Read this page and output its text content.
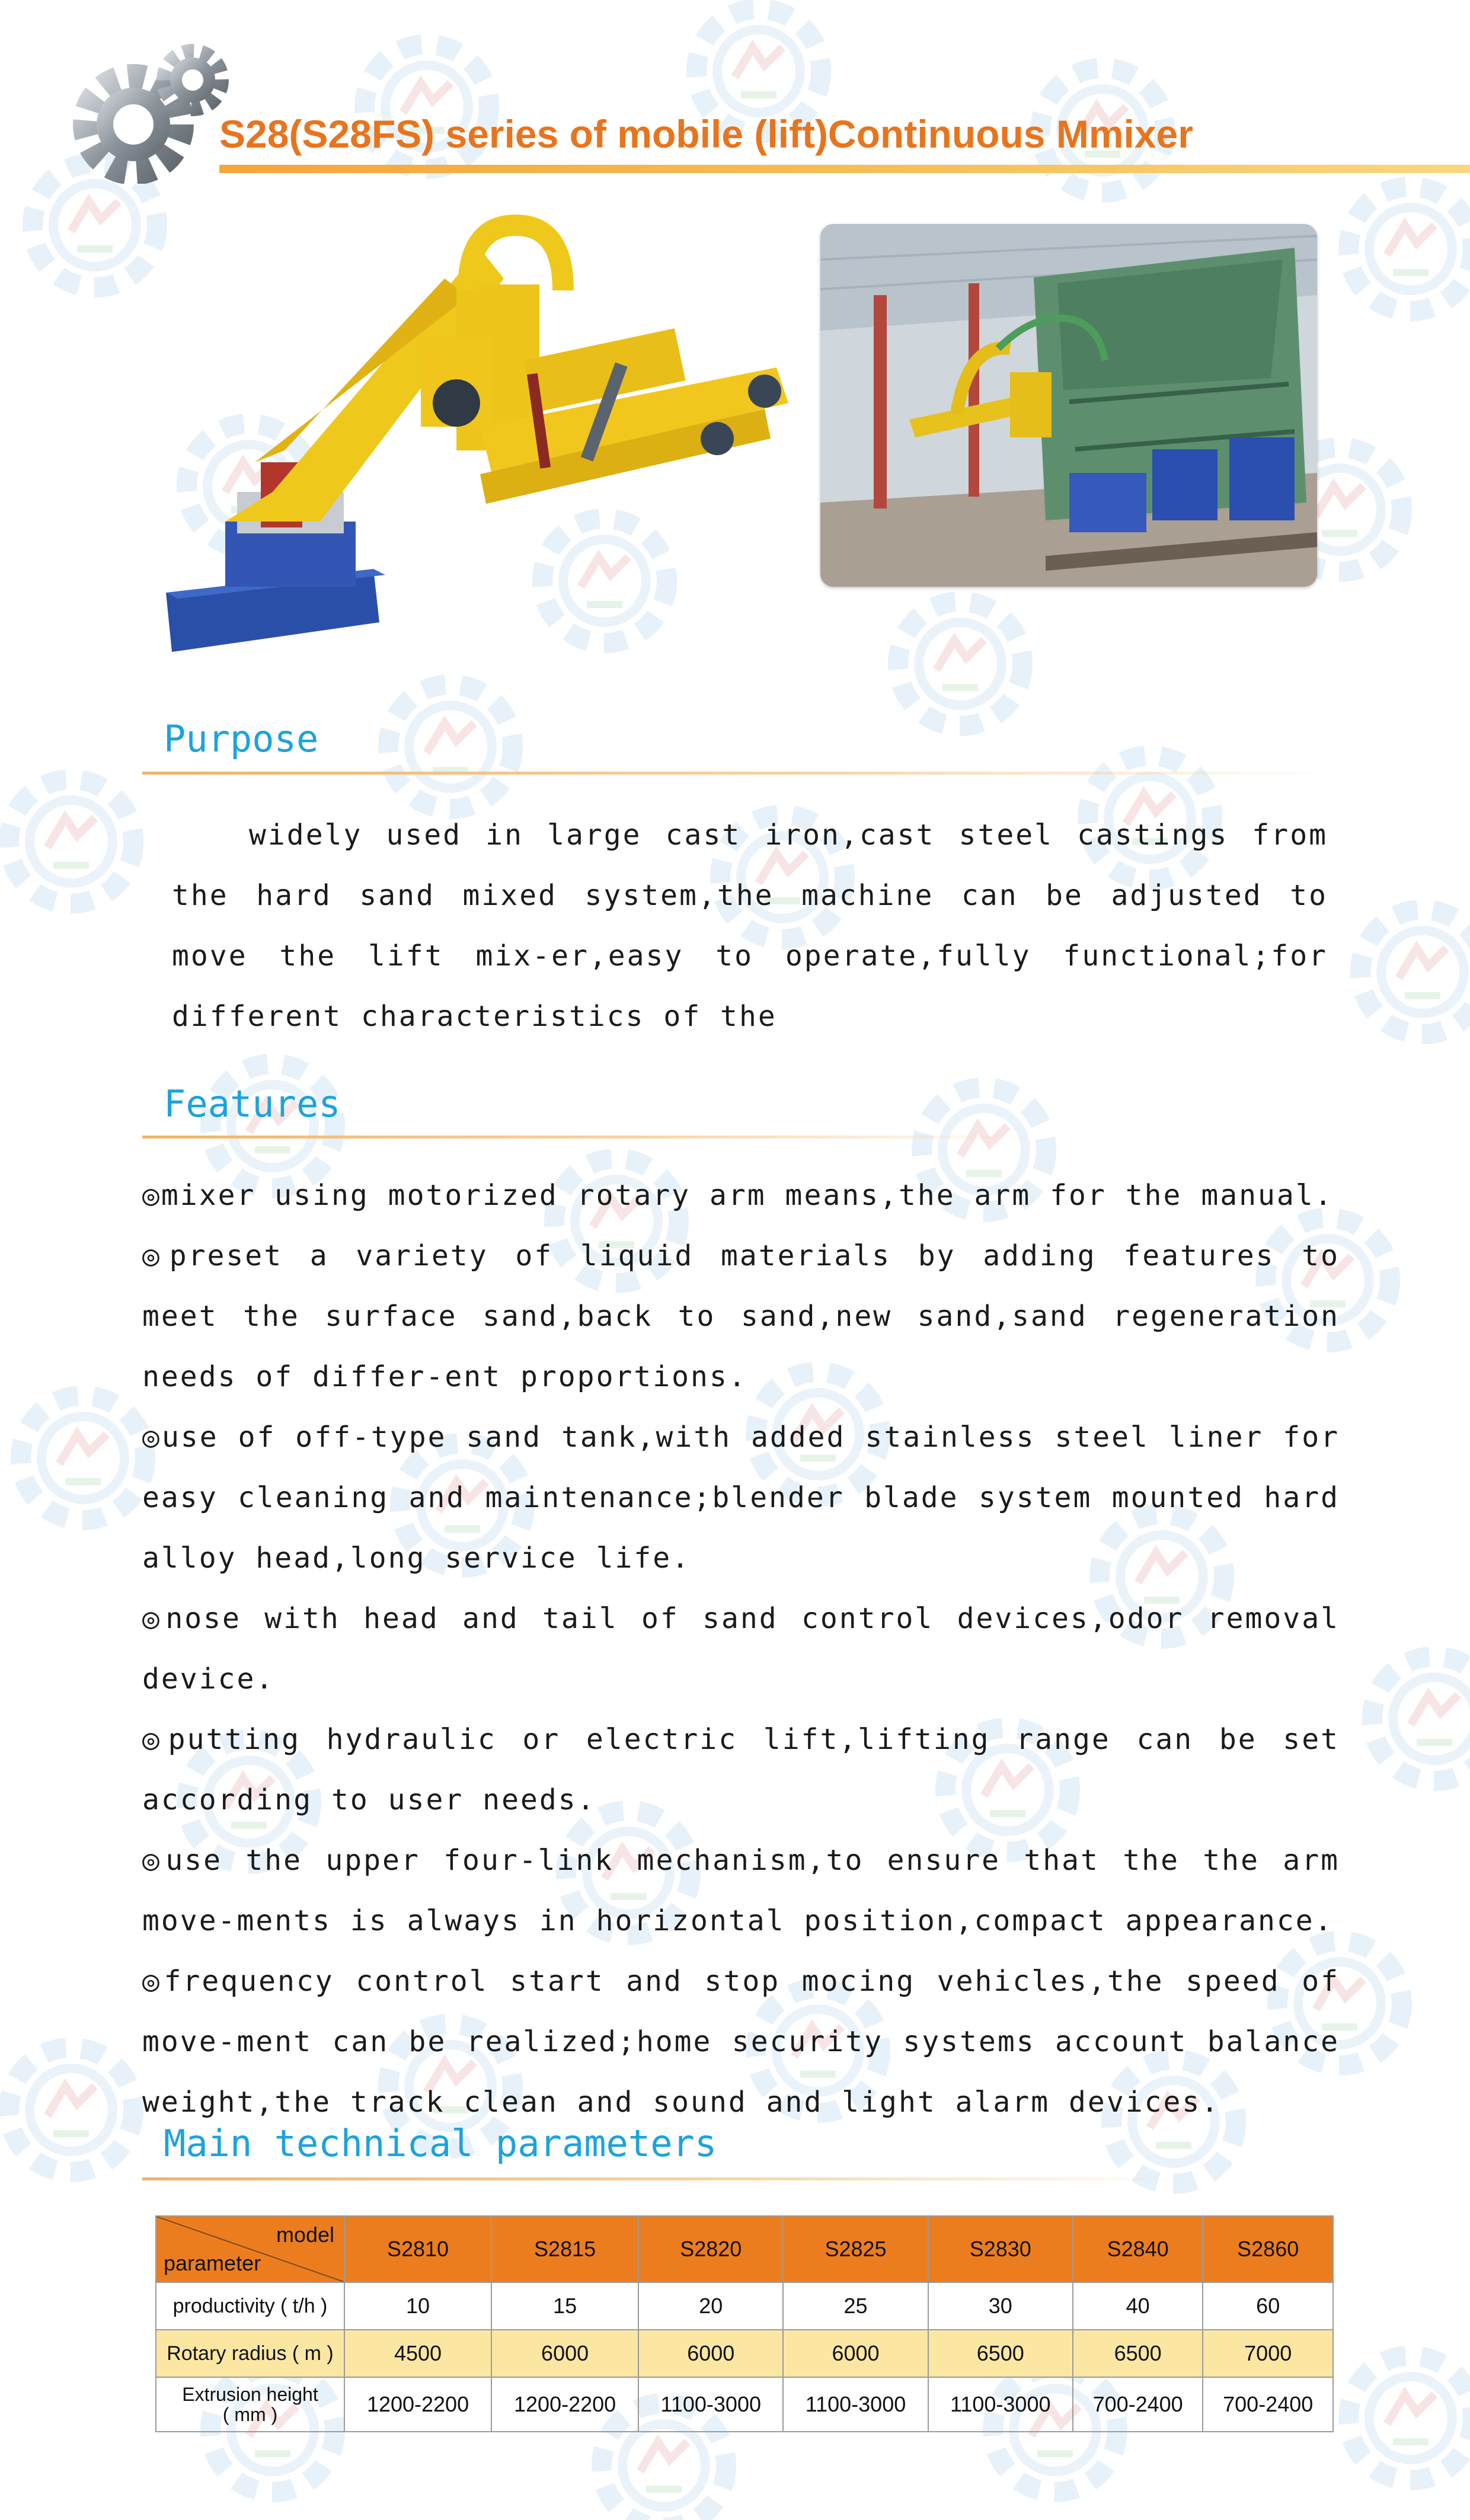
S28(S28FS) series of mobile (lift)Continuous Mmixer
Purpose
widely used in large cast iron,cast steel castings from the hard sand mixed system,the machine can be adjusted to move the lift mix-er,easy to operate,fully functional;for different characteristics of the
Features
◎mixer using motorized rotary arm means,the arm for the manual.
◎preset a variety of liquid materials by adding features to meet the surface sand,back to sand,new sand,sand regeneration needs of differ-ent proportions.
◎use of off-type sand tank,with added stainless steel liner for easy cleaning and maintenance;blender blade system mounted hard alloy head,long service life.
◎nose with head and tail of sand control devices,odor removal device.
◎putting hydraulic or electric lift,lifting range can be set according to user needs.
◎use the upper four-link mechanism,to ensure that the the arm move-ments is always in horizontal position,compact appearance.
◎frequency control start and stop mocing vehicles,the speed of move-ment can be realized;home security systems account balance weight,the track clean and sound and light alarm devices.
Main technical parameters
model
parameter	S2810	S2815	S2820	S2825	S2830	S2840	S2860
productivity ( t/h )	10	15	20	25	30	40	60
Rotary radius ( m )	4500	6000	6000	6000	6500	6500	7000

Extrusion height
( mm )	1200-2200	1200-2200	1100-3000	1100-3000	1100-3000	700-2400	700-2400
